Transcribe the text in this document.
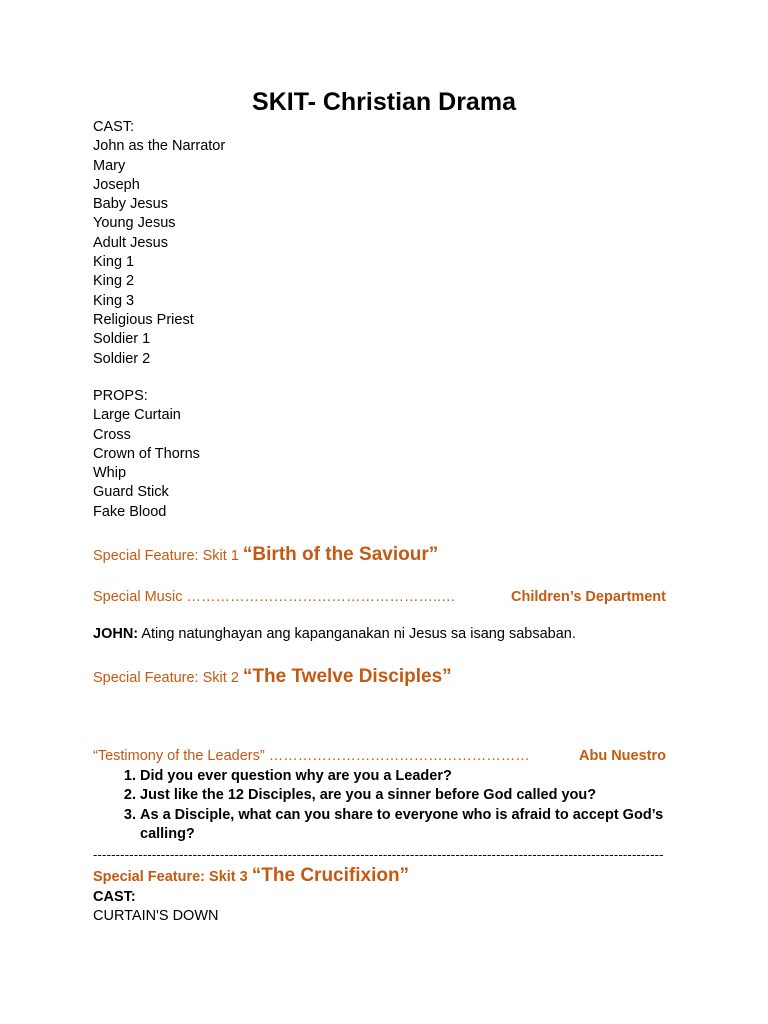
SKIT- Christian Drama
CAST:
John as the Narrator
Mary
Joseph
Baby Jesus
Young Jesus
Adult Jesus
King 1
King 2
King 3
Religious Priest
Soldier 1
Soldier 2
PROPS:
Large Curtain
Cross
Crown of Thorns
Whip
Guard Stick
Fake Blood
Special Feature: Skit 1 “Birth of the Saviour”
Special Music ……………………………………………..…	Children’s Department
JOHN: Ating natunghayan ang kapanganakan ni Jesus sa isang sabsaban.
Special Feature: Skit 2 “The Twelve Disciples”
“Testimony of the Leaders” ………………………………………………	Abu Nuestro
1. Did you ever question why are you a Leader?
2. Just like the 12 Disciples, are you a sinner before God called you?
3. As a Disciple, what can you share to everyone who is afraid to accept God’s calling?
------------------------------------------------------------------------------------------------------------------------------
Special Feature: Skit 3 “The Crucifixion”
CAST:
CURTAIN'S DOWN
